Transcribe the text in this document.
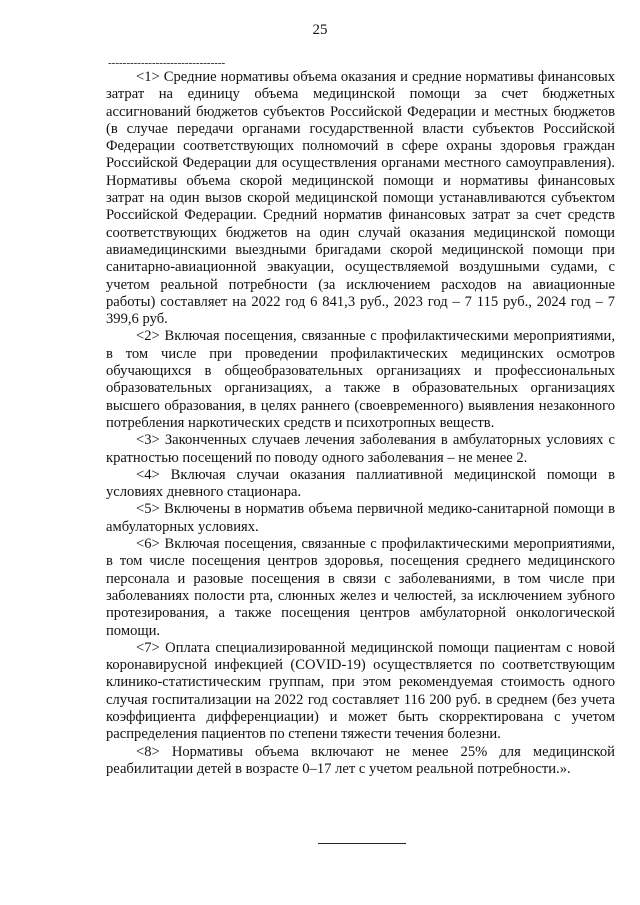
25
--------------------------------

<1> Средние нормативы объема оказания и средние нормативы финансовых затрат на единицу объема медицинской помощи за счет бюджетных ассигнований бюджетов субъектов Российской Федерации и местных бюджетов (в случае передачи органами государственной власти субъектов Российской Федерации соответствующих полномочий в сфере охраны здоровья граждан Российской Федерации для осуществления органами местного самоуправления). Нормативы объема скорой медицинской помощи и нормативы финансовых затрат на один вызов скорой медицинской помощи устанавливаются субъектом Российской Федерации. Средний норматив финансовых затрат за счет средств соответствующих бюджетов на один случай оказания медицинской помощи авиамедицинскими выездными бригадами скорой медицинской помощи при санитарно-авиационной эвакуации, осуществляемой воздушными судами, с учетом реальной потребности (за исключением расходов на авиационные работы) составляет на 2022 год 6 841,3 руб., 2023 год – 7 115 руб., 2024 год – 7 399,6 руб.

<2> Включая посещения, связанные с профилактическими мероприятиями, в том числе при проведении профилактических медицинских осмотров обучающихся в общеобразовательных организациях и профессиональных образовательных организациях, а также в образовательных организациях высшего образования, в целях раннего (своевременного) выявления незаконного потребления наркотических средств и психотропных веществ.

<3> Законченных случаев лечения заболевания в амбулаторных условиях с кратностью посещений по поводу одного заболевания – не менее 2.

<4> Включая случаи оказания паллиативной медицинской помощи в условиях дневного стационара.

<5> Включены в норматив объема первичной медико-санитарной помощи в амбулаторных условиях.

<6> Включая посещения, связанные с профилактическими мероприятиями, в том числе посещения центров здоровья, посещения среднего медицинского персонала и разовые посещения в связи с заболеваниями, в том числе при заболеваниях полости рта, слюнных желез и челюстей, за исключением зубного протезирования, а также посещения центров амбулаторной онкологической помощи.

<7> Оплата специализированной медицинской помощи пациентам с новой коронавирусной инфекцией (COVID-19) осуществляется по соответствующим клинико-статистическим группам, при этом рекомендуемая стоимость одного случая госпитализации на 2022 год составляет 116 200 руб. в среднем (без учета коэффициента дифференциации) и может быть скорректирована с учетом распределения пациентов по степени тяжести течения болезни.

<8> Нормативы объема включают не менее 25% для медицинской реабилитации детей в возрасте 0–17 лет с учетом реальной потребности.».
